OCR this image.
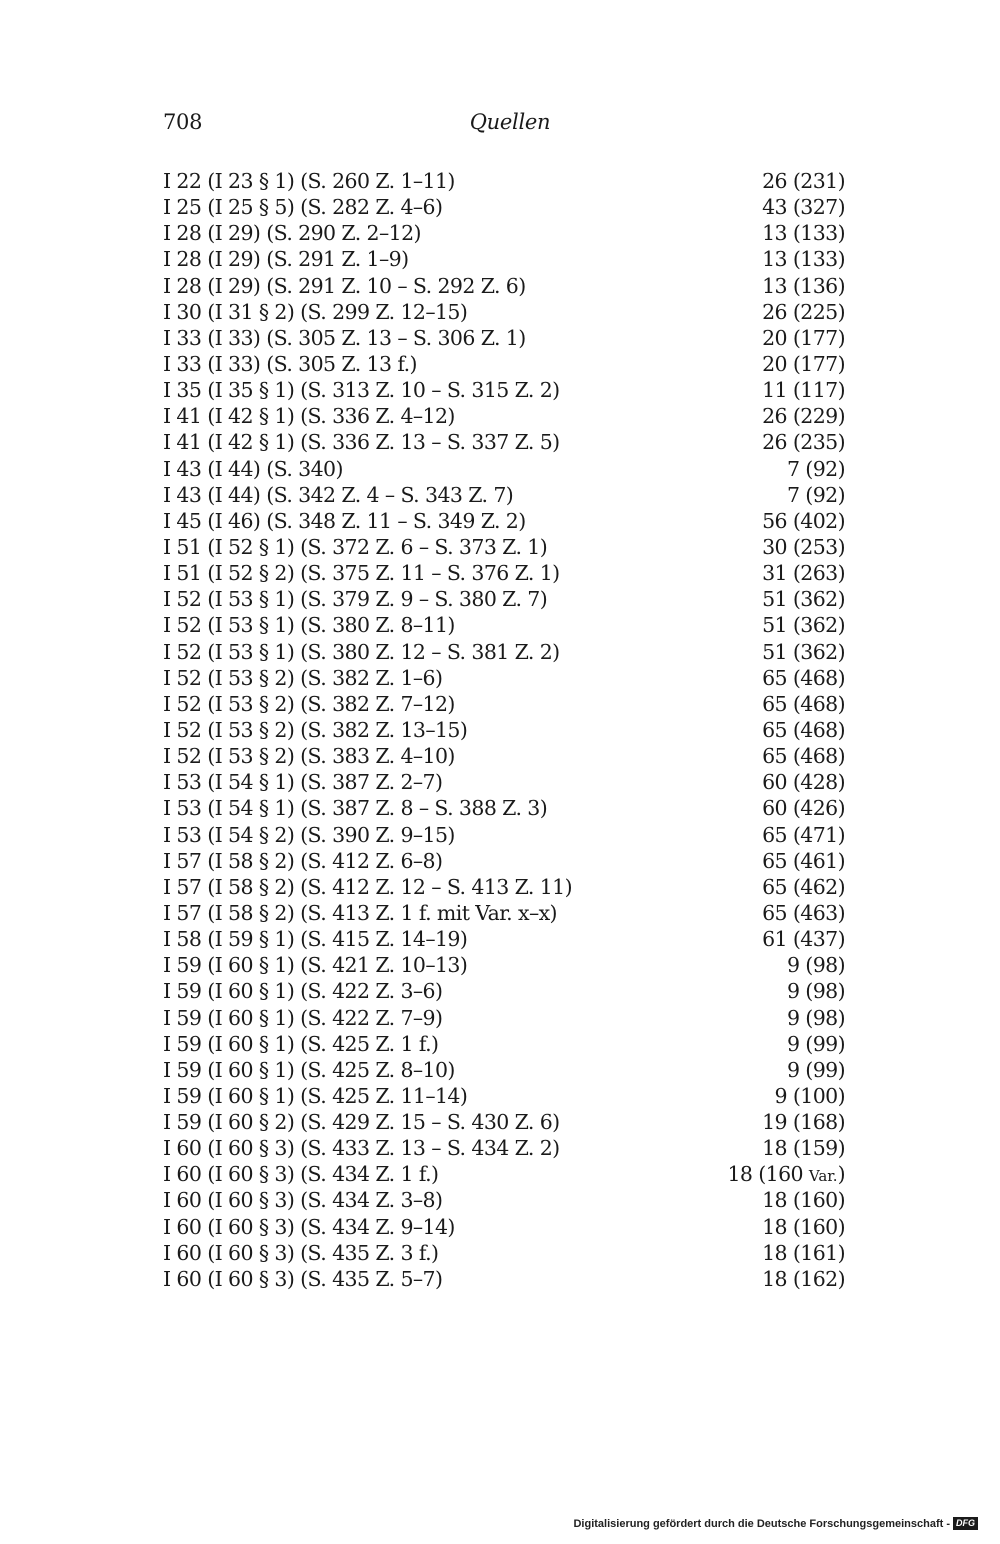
708	Quellen
I 22 (I 23 § 1) (S. 260 Z. 1–11)	26 (231)
I 25 (I 25 § 5) (S. 282 Z. 4–6)	43 (327)
I 28 (I 29) (S. 290 Z. 2–12)	13 (133)
I 28 (I 29) (S. 291 Z. 1–9)	13 (133)
I 28 (I 29) (S. 291 Z. 10 – S. 292 Z. 6)	13 (136)
I 30 (I 31 § 2) (S. 299 Z. 12–15)	26 (225)
I 33 (I 33) (S. 305 Z. 13 – S. 306 Z. 1)	20 (177)
I 33 (I 33) (S. 305 Z. 13 f.)	20 (177)
I 35 (I 35 § 1) (S. 313 Z. 10 – S. 315 Z. 2)	11 (117)
I 41 (I 42 § 1) (S. 336 Z. 4–12)	26 (229)
I 41 (I 42 § 1) (S. 336 Z. 13 – S. 337 Z. 5)	26 (235)
I 43 (I 44) (S. 340)	7 (92)
I 43 (I 44) (S. 342 Z. 4 – S. 343 Z. 7)	7 (92)
I 45 (I 46) (S. 348 Z. 11 – S. 349 Z. 2)	56 (402)
I 51 (I 52 § 1) (S. 372 Z. 6 – S. 373 Z. 1)	30 (253)
I 51 (I 52 § 2) (S. 375 Z. 11 – S. 376 Z. 1)	31 (263)
I 52 (I 53 § 1) (S. 379 Z. 9 – S. 380 Z. 7)	51 (362)
I 52 (I 53 § 1) (S. 380 Z. 8–11)	51 (362)
I 52 (I 53 § 1) (S. 380 Z. 12 – S. 381 Z. 2)	51 (362)
I 52 (I 53 § 2) (S. 382 Z. 1–6)	65 (468)
I 52 (I 53 § 2) (S. 382 Z. 7–12)	65 (468)
I 52 (I 53 § 2) (S. 382 Z. 13–15)	65 (468)
I 52 (I 53 § 2) (S. 383 Z. 4–10)	65 (468)
I 53 (I 54 § 1) (S. 387 Z. 2–7)	60 (428)
I 53 (I 54 § 1) (S. 387 Z. 8 – S. 388 Z. 3)	60 (426)
I 53 (I 54 § 2) (S. 390 Z. 9–15)	65 (471)
I 57 (I 58 § 2) (S. 412 Z. 6–8)	65 (461)
I 57 (I 58 § 2) (S. 412 Z. 12 – S. 413 Z. 11)	65 (462)
I 57 (I 58 § 2) (S. 413 Z. 1 f. mit Var. x–x)	65 (463)
I 58 (I 59 § 1) (S. 415 Z. 14–19)	61 (437)
I 59 (I 60 § 1) (S. 421 Z. 10–13)	9 (98)
I 59 (I 60 § 1) (S. 422 Z. 3–6)	9 (98)
I 59 (I 60 § 1) (S. 422 Z. 7–9)	9 (98)
I 59 (I 60 § 1) (S. 425 Z. 1 f.)	9 (99)
I 59 (I 60 § 1) (S. 425 Z. 8–10)	9 (99)
I 59 (I 60 § 1) (S. 425 Z. 11–14)	9 (100)
I 59 (I 60 § 2) (S. 429 Z. 15 – S. 430 Z. 6)	19 (168)
I 60 (I 60 § 3) (S. 433 Z. 13 – S. 434 Z. 2)	18 (159)
I 60 (I 60 § 3) (S. 434 Z. 1 f.)	18 (160 Var.)
I 60 (I 60 § 3) (S. 434 Z. 3–8)	18 (160)
I 60 (I 60 § 3) (S. 434 Z. 9–14)	18 (160)
I 60 (I 60 § 3) (S. 435 Z. 3 f.)	18 (161)
I 60 (I 60 § 3) (S. 435 Z. 5–7)	18 (162)
Digitalisierung gefördert durch die Deutsche Forschungsgemeinschaft - DFG
